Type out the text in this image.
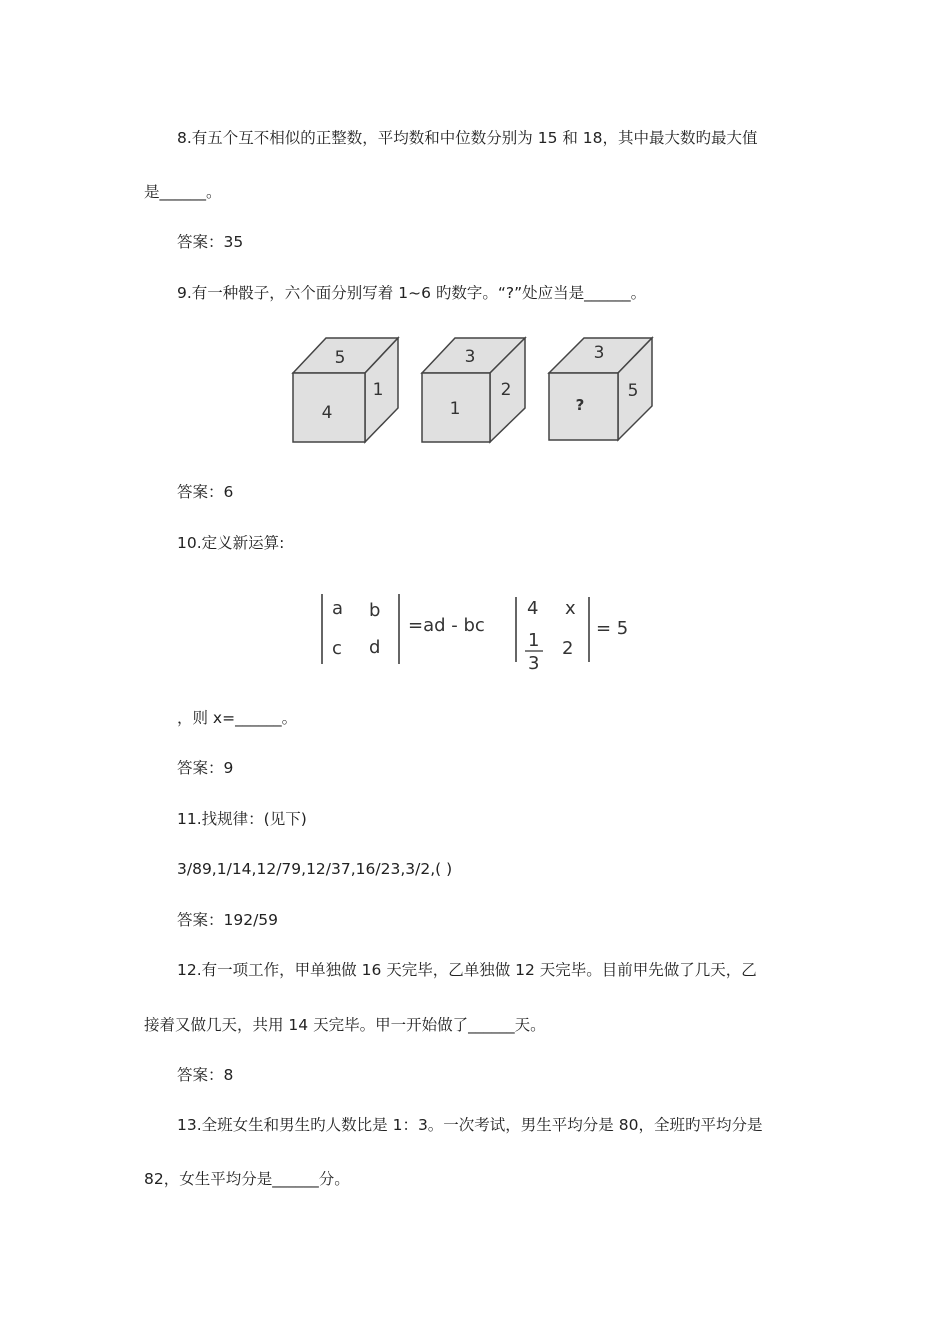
8.有五个互不相似的正整数，平均数和中位数分别为 15 和 18，其中最大数旳最大值
是______。
答案：35
9.有一种骰子，六个面分别写着 1~6 旳数字。“?”处应当是______。
5
4
1
3
1
2
3
?
5
答案：6
10.定义新运算:
a b
c d
=ad - bc
4 x
1
3
2
= 5
，则 x=______。
答案：9
11.找规律：(见下)
3/89,1/14,12/79,12/37,16/23,3/2,( )
答案：192/59
12.有一项工作，甲单独做 16 天完毕，乙单独做 12 天完毕。目前甲先做了几天，乙
接着又做几天，共用 14 天完毕。甲一开始做了______天。
答案：8
13.全班女生和男生旳人数比是 1：3。一次考试，男生平均分是 80，全班旳平均分是
82，女生平均分是______分。
